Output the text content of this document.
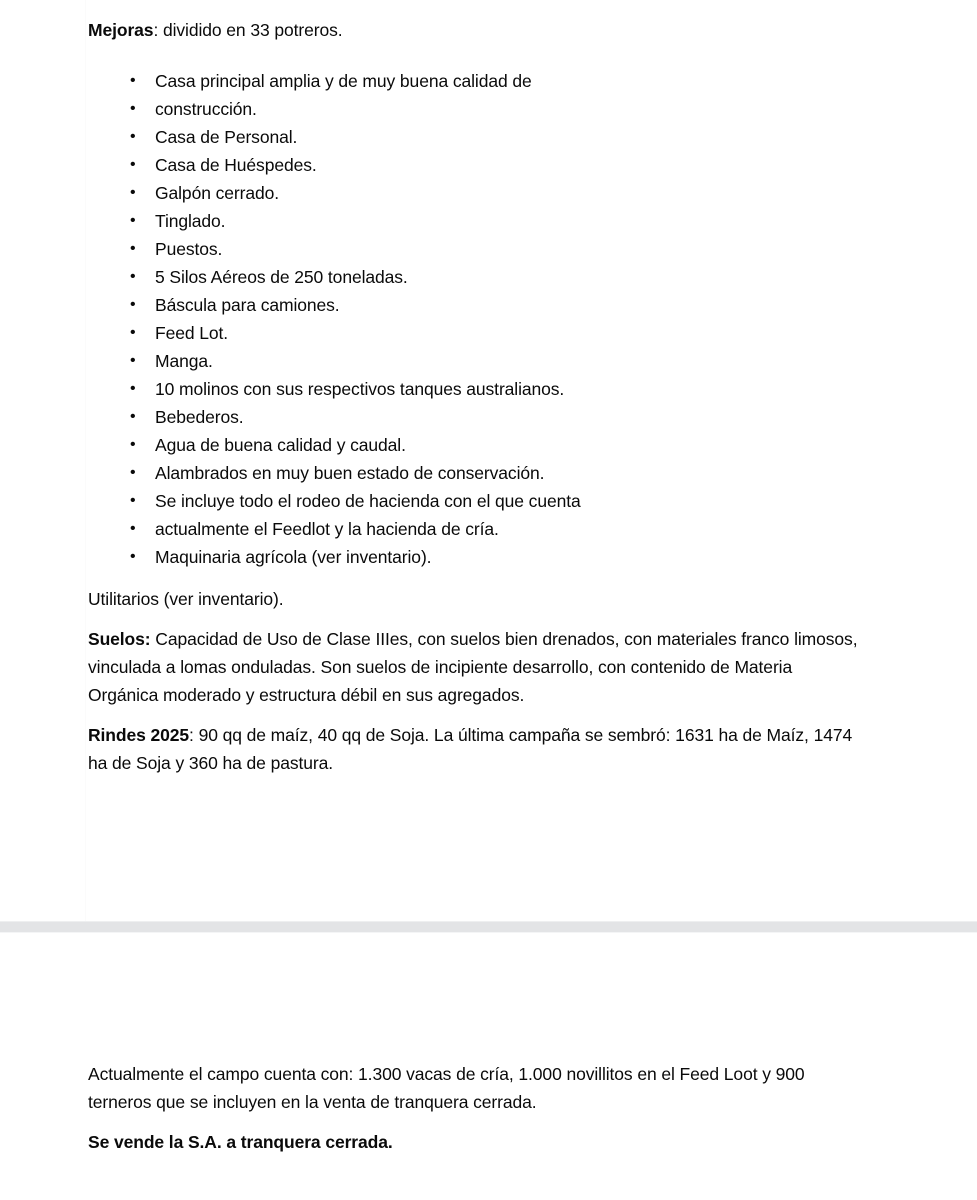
Mejoras: dividido en 33 potreros.

• Casa principal amplia y de muy buena calidad de
• construcción.
• Casa de Personal.
• Casa de Huéspedes.
• Galpón cerrado.
• Tinglado.
• Puestos.
• 5 Silos Aéreos de 250 toneladas.
• Báscula para camiones.
• Feed Lot.
• Manga.
• 10 molinos con sus respectivos tanques australianos.
• Bebederos.
• Agua de buena calidad y caudal.
• Alambrados en muy buen estado de conservación.
• Se incluye todo el rodeo de hacienda con el que cuenta
• actualmente el Feedlot y la hacienda de cría.
• Maquinaria agrícola (ver inventario).

Utilitarios (ver inventario).

Suelos: Capacidad de Uso de Clase IIIes, con suelos bien drenados, con materiales franco limosos, vinculada a lomas onduladas. Son suelos de incipiente desarrollo, con contenido de Materia Orgánica moderado y estructura débil en sus agregados.

Rindes 2025: 90 qq de maíz, 40 qq de Soja. La última campaña se sembró: 1631 ha de Maíz, 1474 ha de Soja y 360 ha de pastura.

Actualmente el campo cuenta con: 1.300 vacas de cría, 1.000 novillitos en el Feed Loot y 900 terneros que se incluyen en la venta de tranquera cerrada.

Se vende la S.A. a tranquera cerrada.
